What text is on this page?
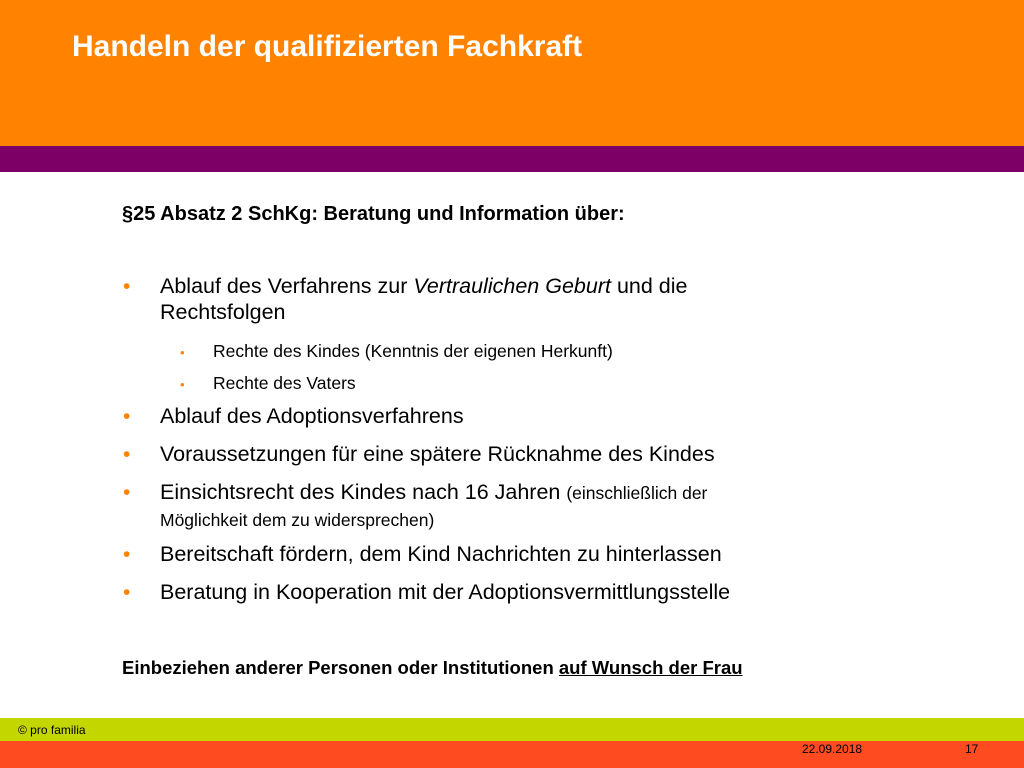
Handeln der qualifizierten Fachkraft
§25 Absatz 2 SchKg: Beratung und Information über:
• Ablauf des Verfahrens zur Vertraulichen Geburt und die
Rechtsfolgen
• Rechte des Kindes (Kenntnis der eigenen Herkunft)
• Rechte des Vaters
• Ablauf des Adoptionsverfahrens
• Voraussetzungen für eine spätere Rücknahme des Kindes
• Einsichtsrecht des Kindes nach 16 Jahren (einschließlich der
Möglichkeit dem zu widersprechen)
• Bereitschaft fördern, dem Kind Nachrichten zu hinterlassen
• Beratung in Kooperation mit der Adoptionsvermittlungsstelle
Einbeziehen anderer Personen oder Institutionen auf Wunsch der Frau
© pro familia
22.09.2018	17
